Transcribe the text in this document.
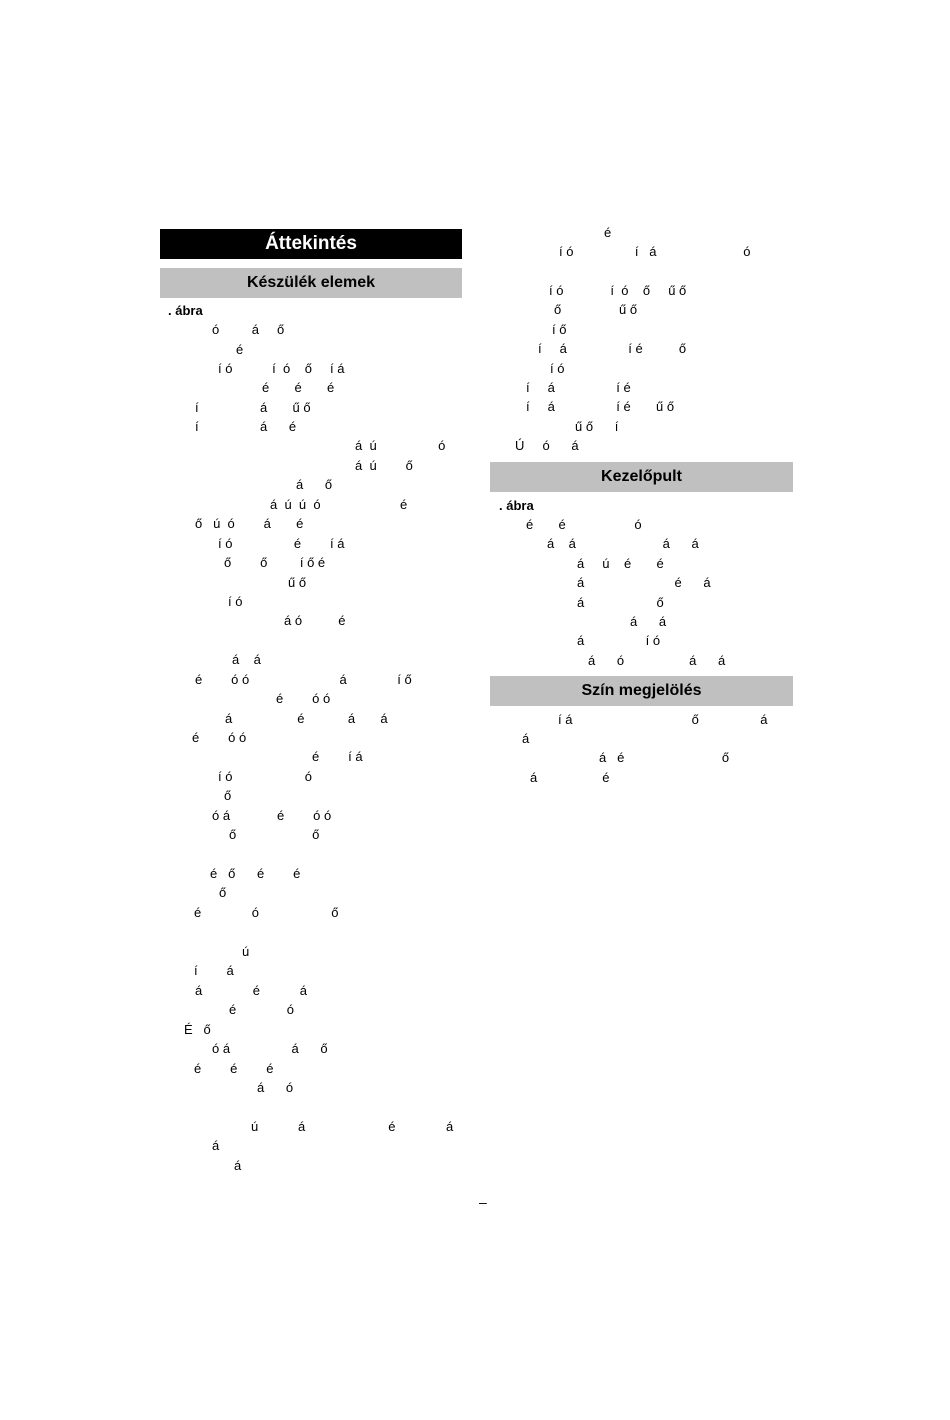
Áttekintés
Készülék elemek
Kezelőpult
Szín megjelölés
. ábra
ó         á     ő
é
í ó           í  ó    ő     í á
é       é       é
í                 á       ű ő
í                 á      é
á  ú                 ó
á  ú        ő
á      ő
á  ú  ú  ó                      é
ő   ú  ó        á       é
í ó                 é        í á
ő        ő         í ő é
ű ő
í ó
á ó          é
á    á
é        ó ó                         á              í ő
é        ó ó
á                  é            á       á
é        ó ó
é        í á
í ó                    ó
ő
ó á             é        ó ó
ő                     ő
é   ő      é        é
ő
é              ó                    ő
ú
í        á
á              é           á
é              ó
É   ő
ó á                 á      ő
é        é        é
á      ó
ú           á                       é              á
á
á
é
í ó                 í   á                        ó
í ó             í  ó    ő     ű ő
ő                ű ő
í ő
í     á                 í é          ő
í ó
í     á                 í é
í     á                 í é       ű ő
ű ő      í
Ú     ó      á
. ábra
é       é                   ó
á    á                        á      á
á     ú    é       é
á                         é      á
á                    ő
á      á
á                 í ó
á      ó                  á      á
í á                                 ő                 á
á
á   é                           ő
á                  é
–
